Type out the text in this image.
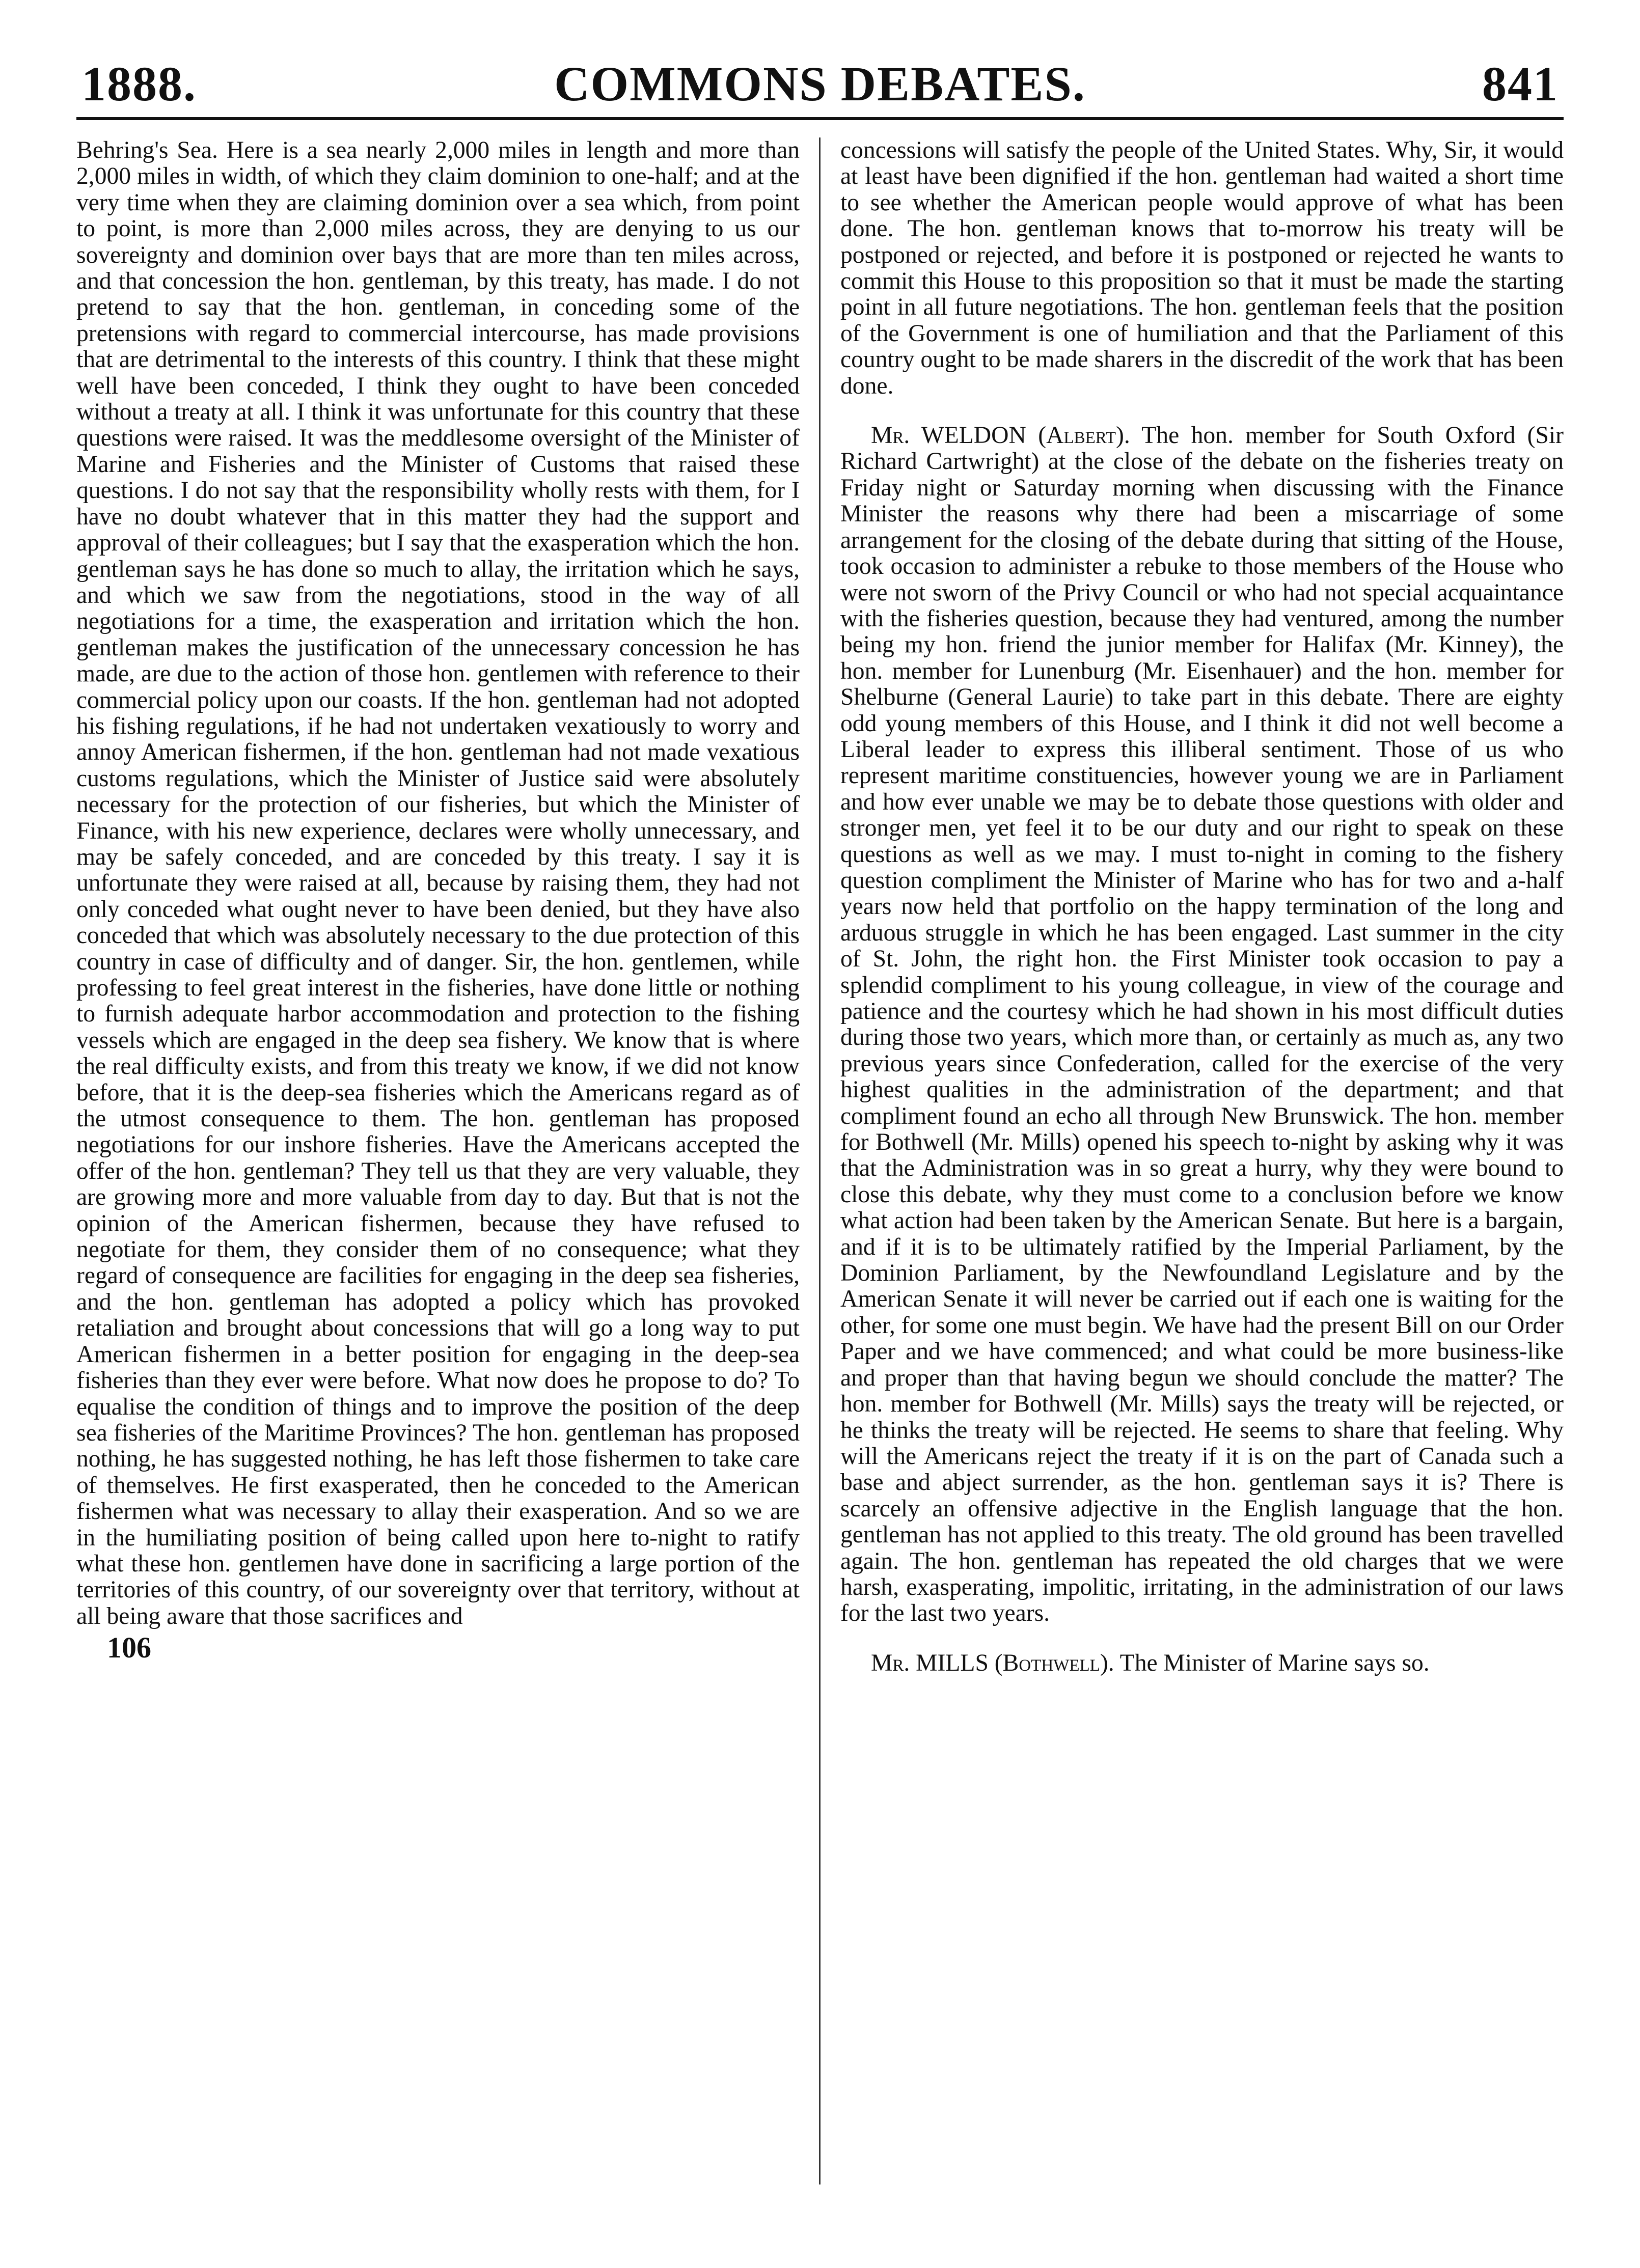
1888.	COMMONS DEBATES.	841

Behring's Sea. Here is a sea nearly 2,000 miles in length and more than 2,000 miles in width, of which they claim dominion to one-half; and at the very time when they are claiming dominion over a sea which, from point to point, is more than 2,000 miles across, they are denying to us our sovereignty and dominion over bays that are more than ten miles across, and that concession the hon. gentleman, by this treaty, has made. I do not pretend to say that the hon. gentleman, in conceding some of the pretensions with regard to commercial intercourse, has made provisions that are detrimental to the interests of this country. I think that these might well have been conceded, I think they ought to have been conceded without a treaty at all. I think it was unfortunate for this country that these questions were raised. It was the meddlesome oversight of the Minister of Marine and Fisheries and the Minister of Customs that raised these questions. I do not say that the responsibility wholly rests with them, for I have no doubt whatever that in this matter they had the support and approval of their colleagues; but I say that the exasperation which the hon. gentleman says he has done so much to allay, the irritation which he says, and which we saw from the negotiations, stood in the way of all negotiations for a time, the exasperation and irritation which the hon. gentleman makes the justification of the unnecessary concession he has made, are due to the action of those hon. gentlemen with reference to their commercial policy upon our coasts. If the hon. gentleman had not adopted his fishing regulations, if he had not undertaken vexatiously to worry and annoy American fishermen, if the hon. gentleman had not made vexatious customs regulations, which the Minister of Justice said were absolutely necessary for the protection of our fisheries, but which the Minister of Finance, with his new experience, declares were wholly unnecessary, and may be safely conceded, and are conceded by this treaty. I say it is unfortunate they were raised at all, because by raising them, they had not only conceded what ought never to have been denied, but they have also conceded that which was absolutely necessary to the due protection of this country in case of difficulty and of danger. Sir, the hon. gentlemen, while professing to feel great interest in the fisheries, have done little or nothing to furnish adequate harbor accommodation and protection to the fishing vessels which are engaged in the deep sea fishery. We know that is where the real difficulty exists, and from this treaty we know, if we did not know before, that it is the deep-sea fisheries which the Americans regard as of the utmost consequence to them. The hon. gentleman has proposed negotiations for our inshore fisheries. Have the Americans accepted the offer of the hon. gentleman? They tell us that they are very valuable, they are growing more and more valuable from day to day. But that is not the opinion of the American fishermen, because they have refused to negotiate for them, they consider them of no consequence; what they regard of consequence are facilities for engaging in the deep sea fisheries, and the hon. gentleman has adopted a policy which has provoked retaliation and brought about concessions that will go a long way to put American fishermen in a better position for engaging in the deep-sea fisheries than they ever were before. What now does he propose to do? To equalise the condition of things and to improve the position of the deep sea fisheries of the Maritime Provinces? The hon. gentleman has proposed nothing, he has suggested nothing, he has left those fishermen to take care of themselves. He first exasperated, then he conceded to the American fishermen what was necessary to allay their exasperation. And so we are in the humiliating position of being called upon here to-night to ratify what these hon. gentlemen have done in sacrificing a large portion of the territories of this country, of our sovereignty over that territory, without at all being aware that those sacrifices and

106

concessions will satisfy the people of the United States. Why, Sir, it would at least have been dignified if the hon. gentleman had waited a short time to see whether the American people would approve of what has been done. The hon. gentleman knows that to-morrow his treaty will be postponed or rejected, and before it is postponed or rejected he wants to commit this House to this proposition so that it must be made the starting point in all future negotiations. The hon. gentleman feels that the position of the Government is one of humiliation and that the Parliament of this country ought to be made sharers in the discredit of the work that has been done.

Mr. WELDON (Albert). The hon. member for South Oxford (Sir Richard Cartwright) at the close of the debate on the fisheries treaty on Friday night or Saturday morning when discussing with the Finance Minister the reasons why there had been a miscarriage of some arrangement for the closing of the debate during that sitting of the House, took occasion to administer a rebuke to those members of the House who were not sworn of the Privy Council or who had not special acquaintance with the fisheries question, because they had ventured, among the number being my hon. friend the junior member for Halifax (Mr. Kinney), the hon. member for Lunenburg (Mr. Eisenhauer) and the hon. member for Shelburne (General Laurie) to take part in this debate. There are eighty odd young members of this House, and I think it did not well become a Liberal leader to express this illiberal sentiment. Those of us who represent maritime constituencies, however young we are in Parliament and how ever unable we may be to debate those questions with older and stronger men, yet feel it to be our duty and our right to speak on these questions as well as we may. I must to-night in coming to the fishery question compliment the Minister of Marine who has for two and a-half years now held that portfolio on the happy termination of the long and arduous struggle in which he has been engaged. Last summer in the city of St. John, the right hon. the First Minister took occasion to pay a splendid compliment to his young colleague, in view of the courage and patience and the courtesy which he had shown in his most difficult duties during those two years, which more than, or certainly as much as, any two previous years since Confederation, called for the exercise of the very highest qualities in the administration of the department; and that compliment found an echo all through New Brunswick. The hon. member for Bothwell (Mr. Mills) opened his speech to-night by asking why it was that the Administration was in so great a hurry, why they were bound to close this debate, why they must come to a conclusion before we know what action had been taken by the American Senate. But here is a bargain, and if it is to be ultimately ratified by the Imperial Parliament, by the Dominion Parliament, by the Newfoundland Legislature and by the American Senate it will never be carried out if each one is waiting for the other, for some one must begin. We have had the present Bill on our Order Paper and we have commenced; and what could be more business-like and proper than that having begun we should conclude the matter? The hon. member for Bothwell (Mr. Mills) says the treaty will be rejected, or he thinks the treaty will be rejected. He seems to share that feeling. Why will the Americans reject the treaty if it is on the part of Canada such a base and abject surrender, as the hon. gentleman says it is? There is scarcely an offensive adjective in the English language that the hon. gentleman has not applied to this treaty. The old ground has been travelled again. The hon. gentleman has repeated the old charges that we were harsh, exasperating, impolitic, irritating, in the administration of our laws for the last two years.

Mr. MILLS (Bothwell). The Minister of Marine says so.
